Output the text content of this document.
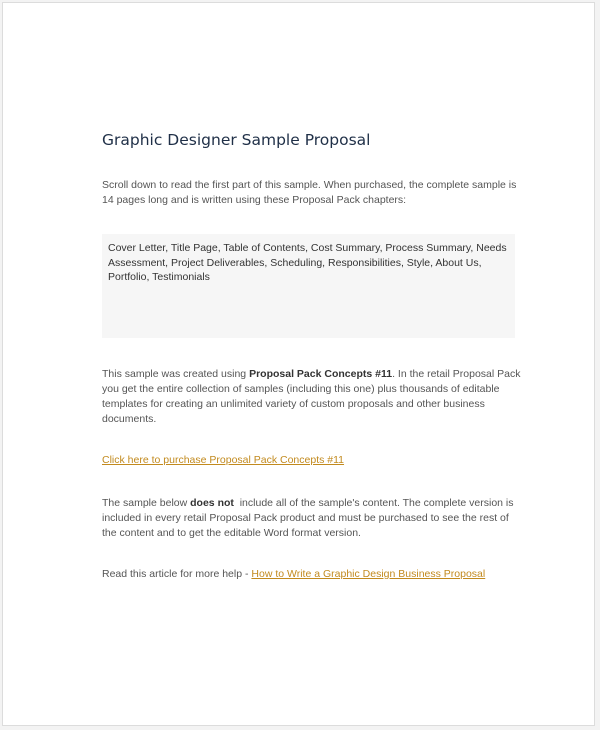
Graphic Designer Sample Proposal

Scroll down to read the first part of this sample. When purchased, the complete sample is 14 pages long and is written using these Proposal Pack chapters:

Cover Letter, Title Page, Table of Contents, Cost Summary, Process Summary, Needs Assessment, Project Deliverables, Scheduling, Responsibilities, Style, About Us, Portfolio, Testimonials

This sample was created using Proposal Pack Concepts #11. In the retail Proposal Pack you get the entire collection of samples (including this one) plus thousands of editable templates for creating an unlimited variety of custom proposals and other business documents.

Click here to purchase Proposal Pack Concepts #11

The sample below does not  include all of the sample's content. The complete version is included in every retail Proposal Pack product and must be purchased to see the rest of the content and to get the editable Word format version.

Read this article for more help - How to Write a Graphic Design Business Proposal
